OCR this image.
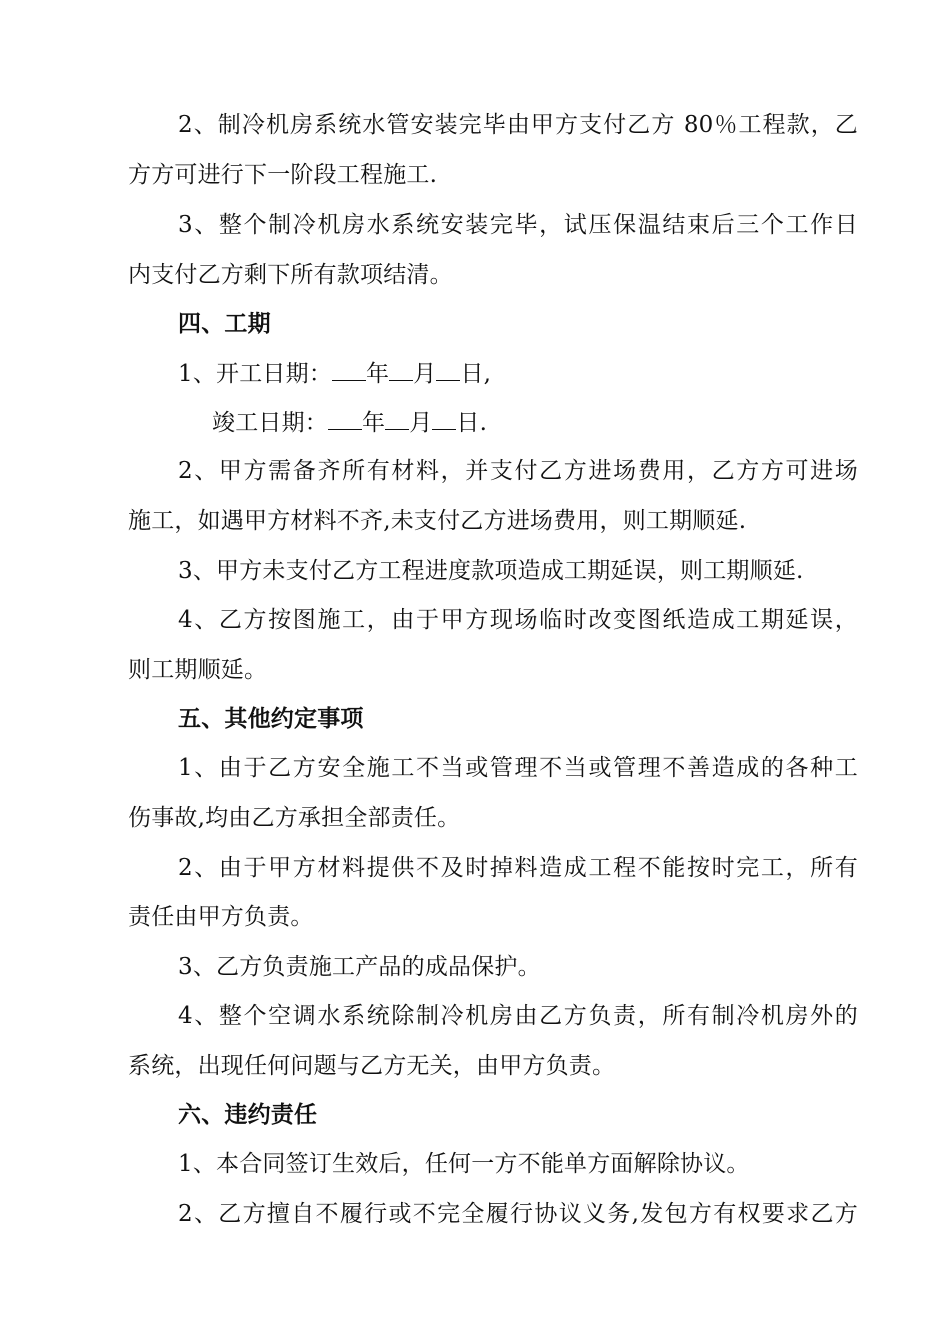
2、制冷机房系统水管安装完毕由甲方支付乙方 80％工程款，乙
方方可进行下一阶段工程施工.
3、整个制冷机房水系统安装完毕，试压保温结束后三个工作日
内支付乙方剩下所有款项结清。
四、工期
1、开工日期： 年 月 日,
竣工日期： 年 月 日.
2、甲方需备齐所有材料，并支付乙方进场费用，乙方方可进场
施工，如遇甲方材料不齐,未支付乙方进场费用，则工期顺延.
3、甲方未支付乙方工程进度款项造成工期延误，则工期顺延.
4、乙方按图施工，由于甲方现场临时改变图纸造成工期延误，
则工期顺延。
五、其他约定事项
1、由于乙方安全施工不当或管理不当或管理不善造成的各种工
伤事故,均由乙方承担全部责任。
2、由于甲方材料提供不及时掉料造成工程不能按时完工，所有
责任由甲方负责。
3、乙方负责施工产品的成品保护。
4、整个空调水系统除制冷机房由乙方负责，所有制冷机房外的
系统，出现任何问题与乙方无关，由甲方负责。
六、违约责任
1、本合同签订生效后，任何一方不能单方面解除协议。
2、乙方擅自不履行或不完全履行协议义务,发包方有权要求乙方
